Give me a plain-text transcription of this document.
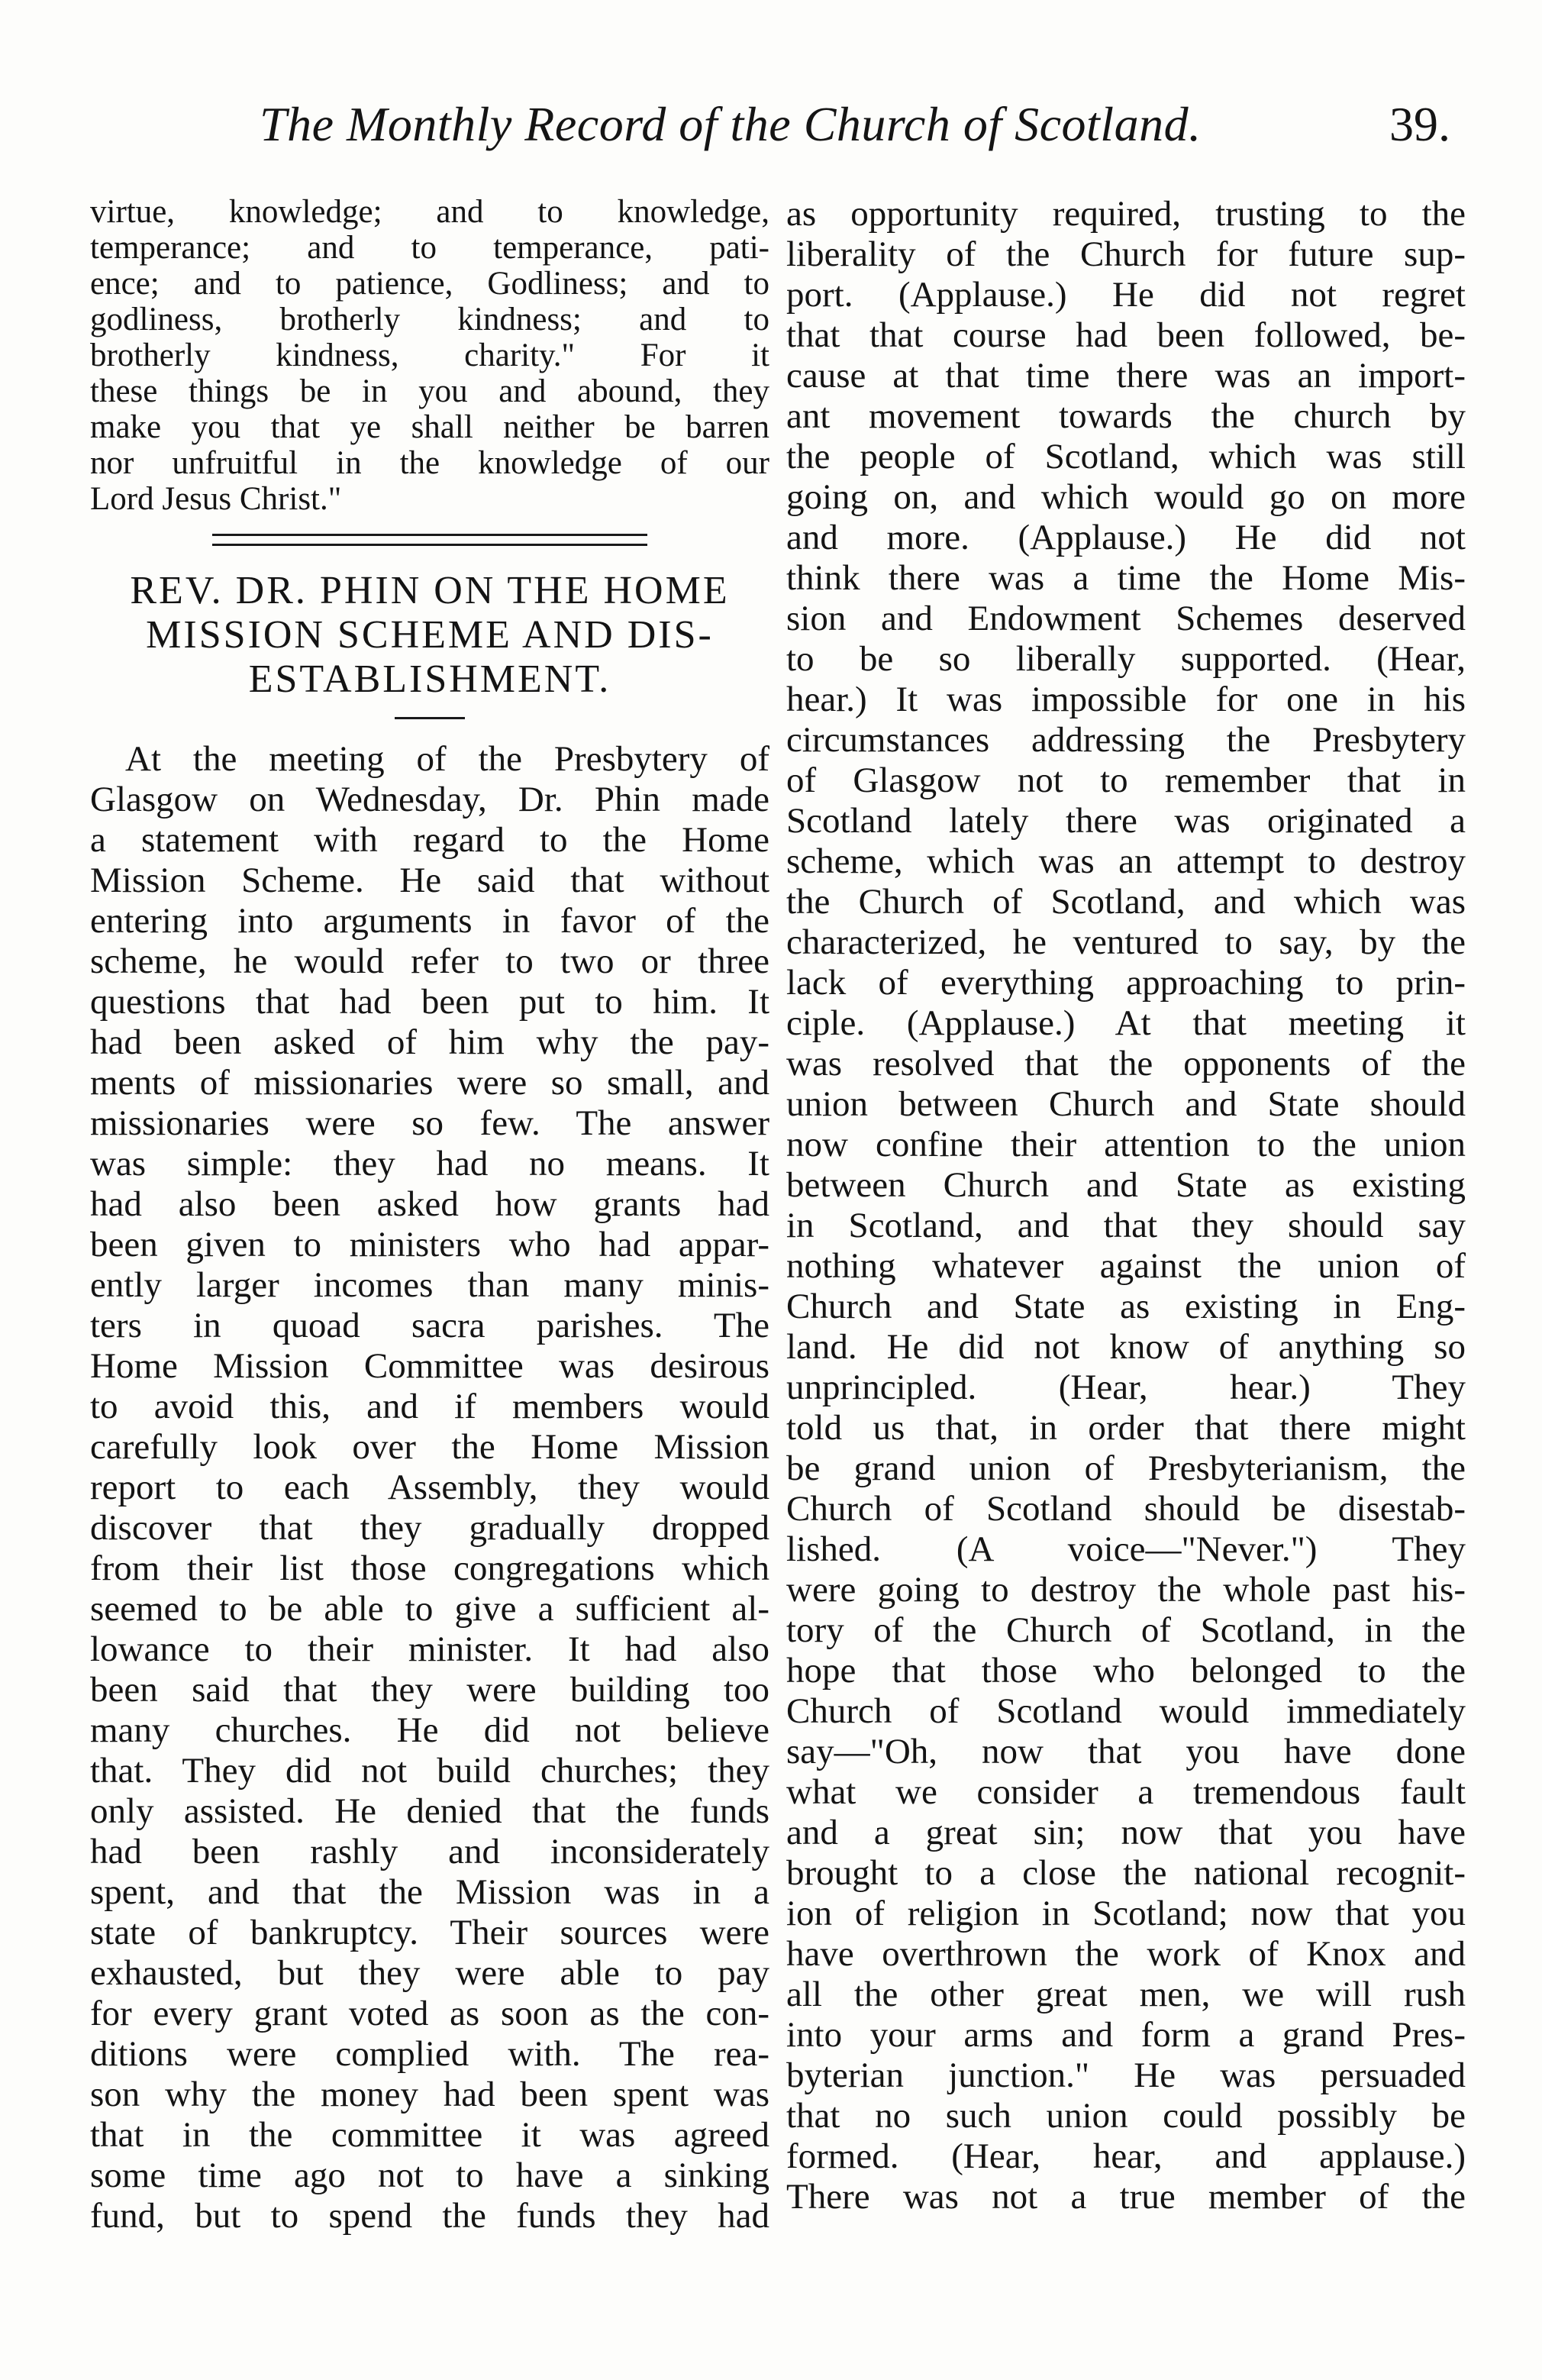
The Monthly Record of the Church of Scotland.	39.
virtue, knowledge; and to knowledge,
temperance; and to temperance, pati-
ence; and to patience, Godliness; and to
godliness, brotherly kindness; and to
brotherly kindness, charity." For it
these things be in you and abound, they
make you that ye shall neither be barren
nor unfruitful in the knowledge of our
Lord Jesus Christ."
REV. DR. PHIN ON THE HOME
MISSION SCHEME AND DIS-
ESTABLISHMENT.
At the meeting of the Presbytery of
Glasgow on Wednesday, Dr. Phin made
a statement with regard to the Home
Mission Scheme. He said that without
entering into arguments in favor of the
scheme, he would refer to two or three
questions that had been put to him. It
had been asked of him why the pay-
ments of missionaries were so small, and
missionaries were so few. The answer
was simple: they had no means. It
had also been asked how grants had
been given to ministers who had appar-
ently larger incomes than many minis-
ters in quoad sacra parishes. The
Home Mission Committee was desirous
to avoid this, and if members would
carefully look over the Home Mission
report to each Assembly, they would
discover that they gradually dropped
from their list those congregations which
seemed to be able to give a sufficient al-
lowance to their minister. It had also
been said that they were building too
many churches. He did not believe
that. They did not build churches; they
only assisted. He denied that the funds
had been rashly and inconsiderately
spent, and that the Mission was in a
state of bankruptcy. Their sources were
exhausted, but they were able to pay
for every grant voted as soon as the con-
ditions were complied with. The rea-
son why the money had been spent was
that in the committee it was agreed
some time ago not to have a sinking
fund, but to spend the funds they had
as opportunity required, trusting to the
liberality of the Church for future sup-
port. (Applause.) He did not regret
that that course had been followed, be-
cause at that time there was an import-
ant movement towards the church by
the people of Scotland, which was still
going on, and which would go on more
and more. (Applause.) He did not
think there was a time the Home Mis-
sion and Endowment Schemes deserved
to be so liberally supported. (Hear,
hear.) It was impossible for one in his
circumstances addressing the Presbytery
of Glasgow not to remember that in
Scotland lately there was originated a
scheme, which was an attempt to destroy
the Church of Scotland, and which was
characterized, he ventured to say, by the
lack of everything approaching to prin-
ciple. (Applause.) At that meeting it
was resolved that the opponents of the
union between Church and State should
now confine their attention to the union
between Church and State as existing
in Scotland, and that they should say
nothing whatever against the union of
Church and State as existing in Eng-
land. He did not know of anything so
unprincipled. (Hear, hear.) They
told us that, in order that there might
be grand union of Presbyterianism, the
Church of Scotland should be disestab-
lished. (A voice—"Never.") They
were going to destroy the whole past his-
tory of the Church of Scotland, in the
hope that those who belonged to the
Church of Scotland would immediately
say—"Oh, now that you have done
what we consider a tremendous fault
and a great sin; now that you have
brought to a close the national recognit-
ion of religion in Scotland; now that you
have overthrown the work of Knox and
all the other great men, we will rush
into your arms and form a grand Pres-
byterian junction." He was persuaded
that no such union could possibly be
formed. (Hear, hear, and applause.)
There was not a true member of the
